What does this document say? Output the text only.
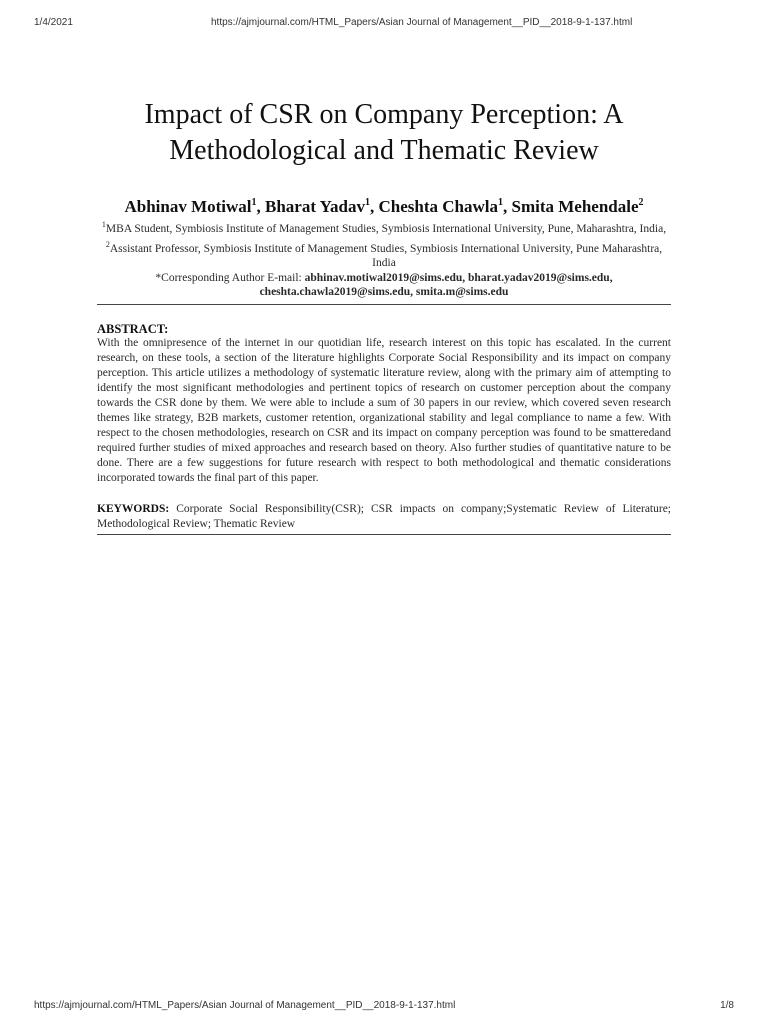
1/4/2021	https://ajmjournal.com/HTML_Papers/Asian Journal of Management__PID__2018-9-1-137.html
Impact of CSR on Company Perception: A
Methodological and Thematic Review
Abhinav Motiwal$^1$, Bharat Yadav$^1$, Cheshta Chawla$^1$, Smita Mehendale$^2$
$^1$MBA Student, Symbiosis Institute of Management Studies, Symbiosis International University, Pune, Maharashtra, India,
$^2$Assistant Professor, Symbiosis Institute of Management Studies, Symbiosis International University, Pune Maharashtra, India
*Corresponding Author E-mail: abhinav.motiwal2019@sims.edu, bharat.yadav2019@sims.edu, cheshta.chawla2019@sims.edu, smita.m@sims.edu
ABSTRACT:

With the omnipresence of the internet in our quotidian life, research interest on this topic has escalated. In the current research, on these tools, a section of the literature highlights Corporate Social Responsibility and its impact on company perception. This article utilizes a methodology of systematic literature review, along with the primary aim of attempting to identify the most significant methodologies and pertinent topics of research on customer perception about the company towards the CSR done by them. We were able to include a sum of 30 papers in our review, which covered seven research themes like strategy, B2B markets, customer retention, organizational stability and legal compliance to name a few. With respect to the chosen methodologies, research on CSR and its impact on company perception was found to be smatteredand required further studies of mixed approaches and research based on theory. Also further studies of quantitative nature to be done. There are a few suggestions for future research with respect to both methodological and thematic considerations incorporated towards the final part of this paper.

KEYWORDS: Corporate Social Responsibility(CSR); CSR impacts on company;Systematic Review of Literature; Methodological Review; Thematic Review
https://ajmjournal.com/HTML_Papers/Asian Journal of Management__PID__2018-9-1-137.html	1/8
